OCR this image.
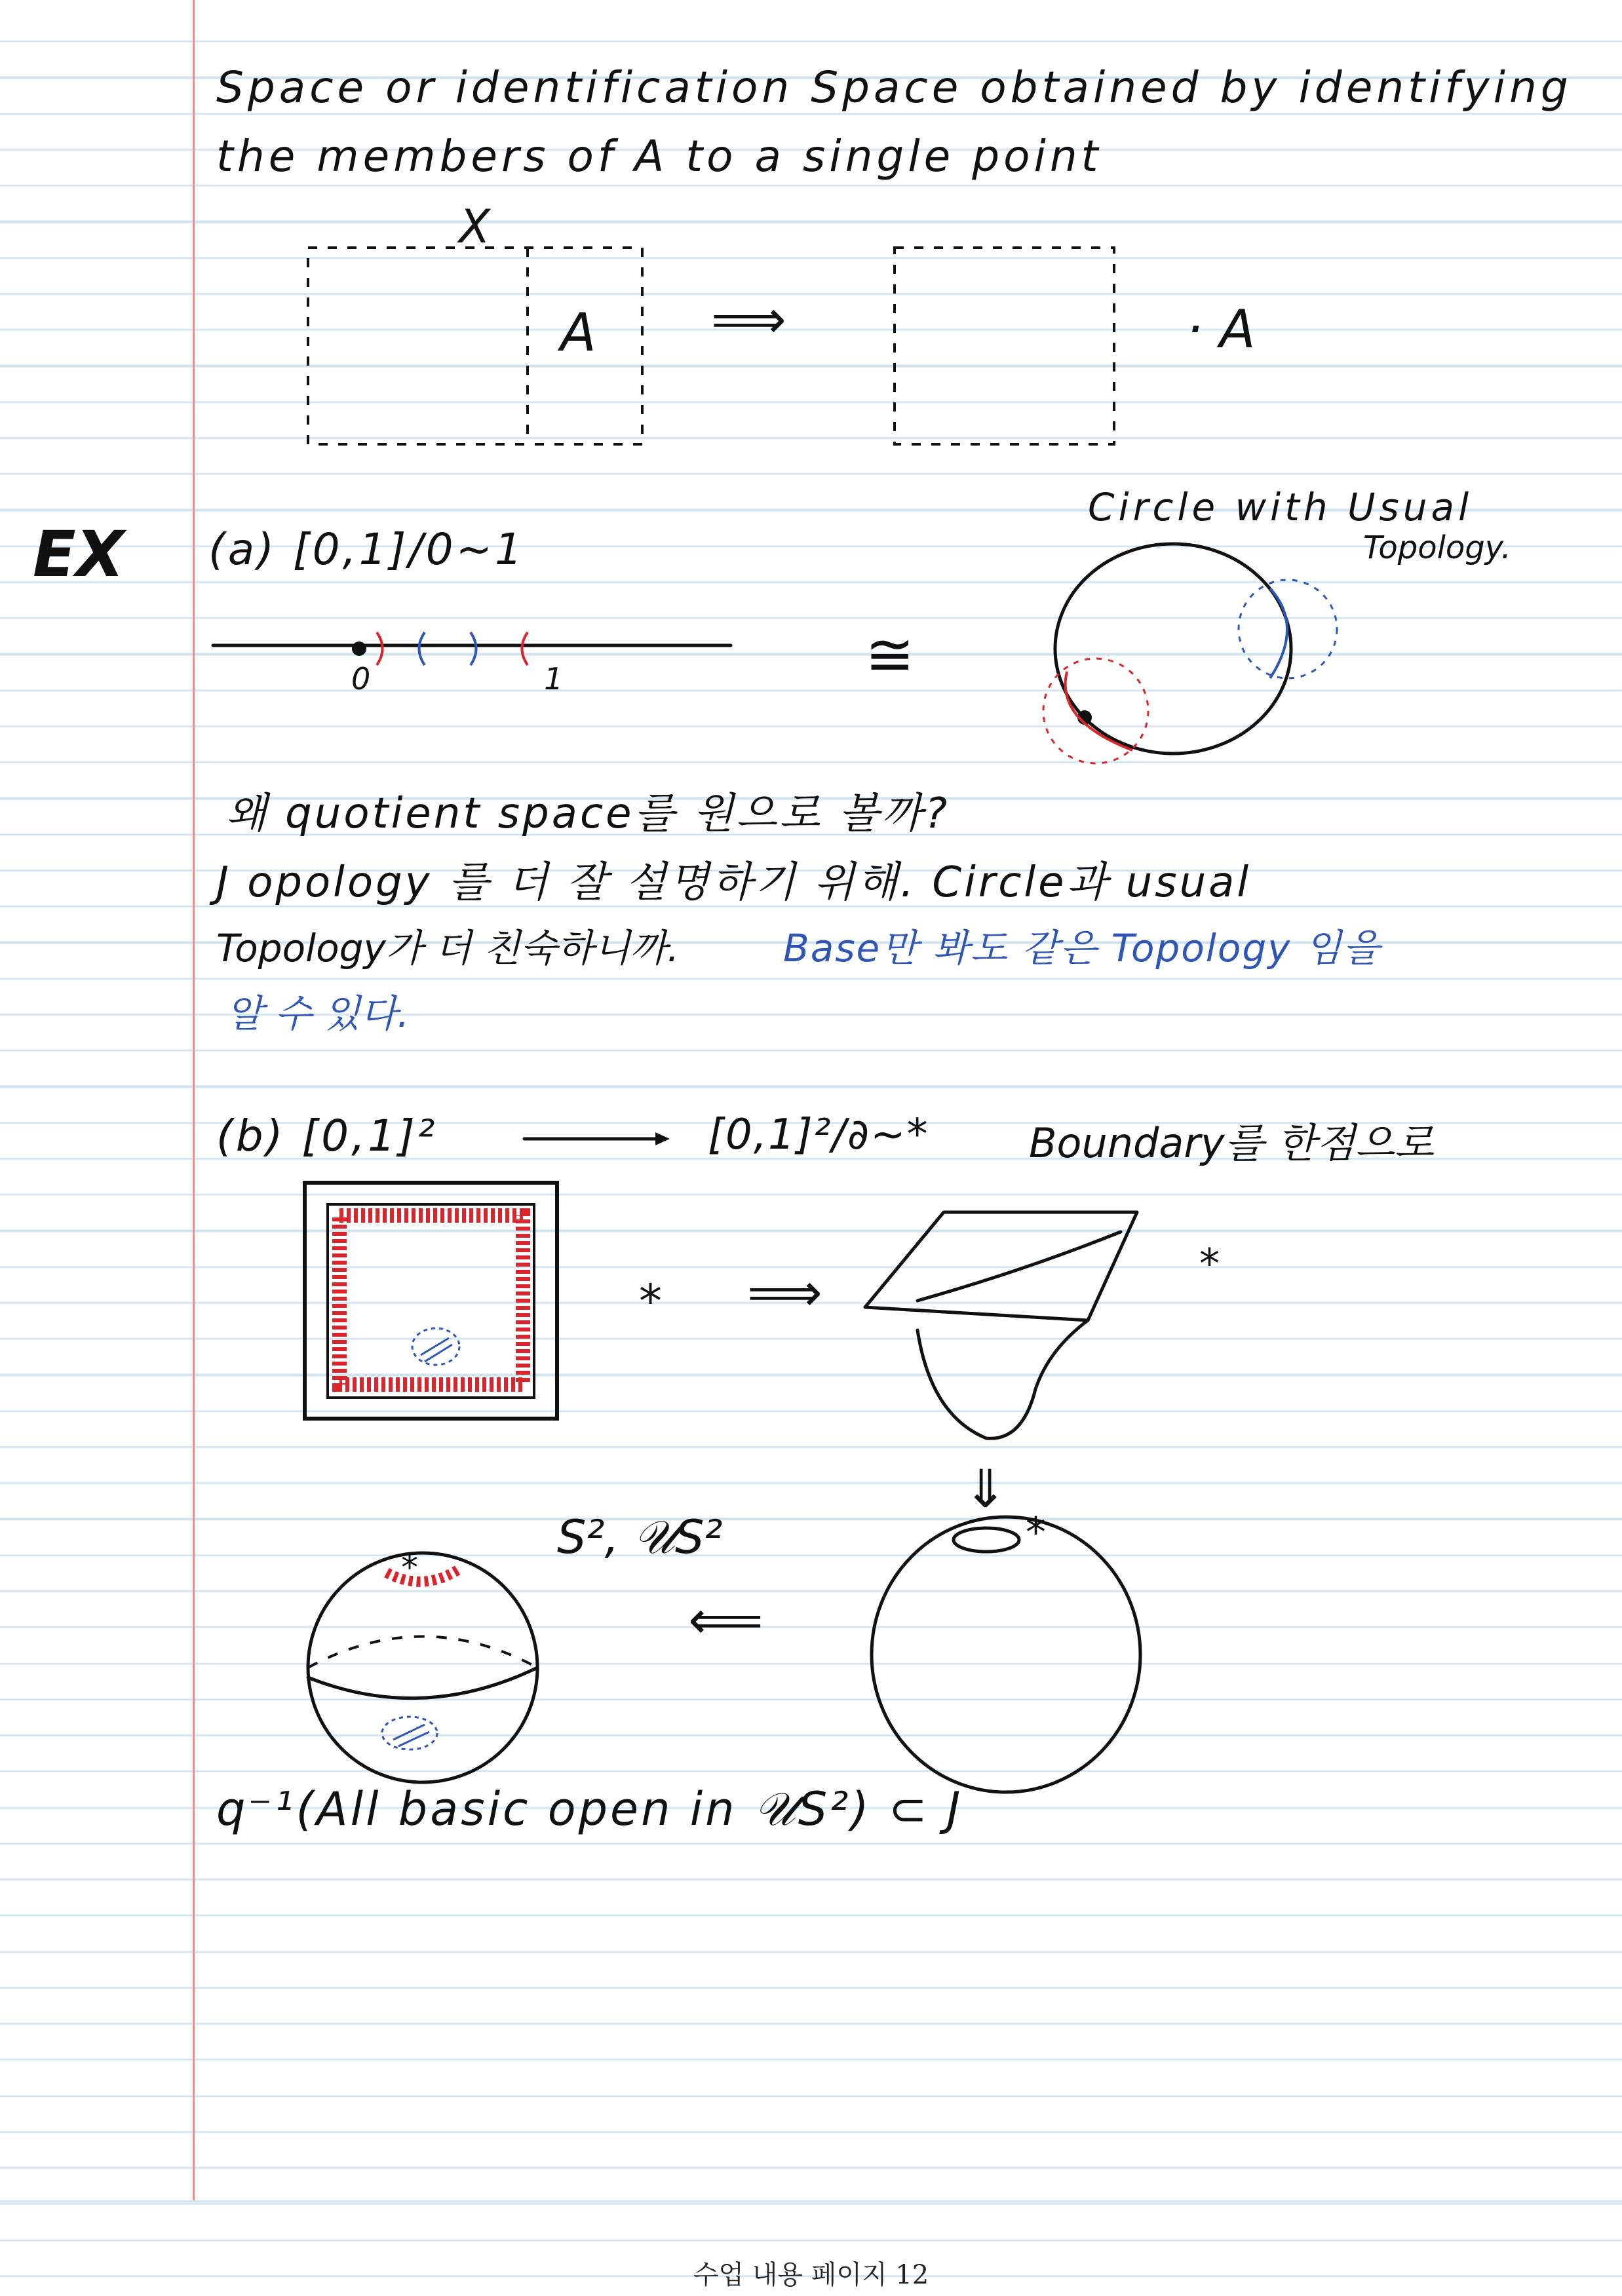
Space or identification Space obtained by identifying
the members of A to a single point
EX (a) [0,1]/0~1
Circle with Usual
Topology.
왜 quotient space를 원으로 볼까?
J opology 를 더 잘 설명하기 위해. Circle과 usual
Topology가 더 친숙하니까.	Base만 봐도 같은 Topology 임을
알 수 있다.
(b) [0,1]²	[0,1]²/∂~* Boundary를 한점으로
S², 𝒰S²
q⁻¹(All basic open in 𝒰S²) ⊂ J
수업 내용 페이지 12
X
A ⟹	· A
0	1	≅
* ⟹	*
⇓
*
⟸
*
